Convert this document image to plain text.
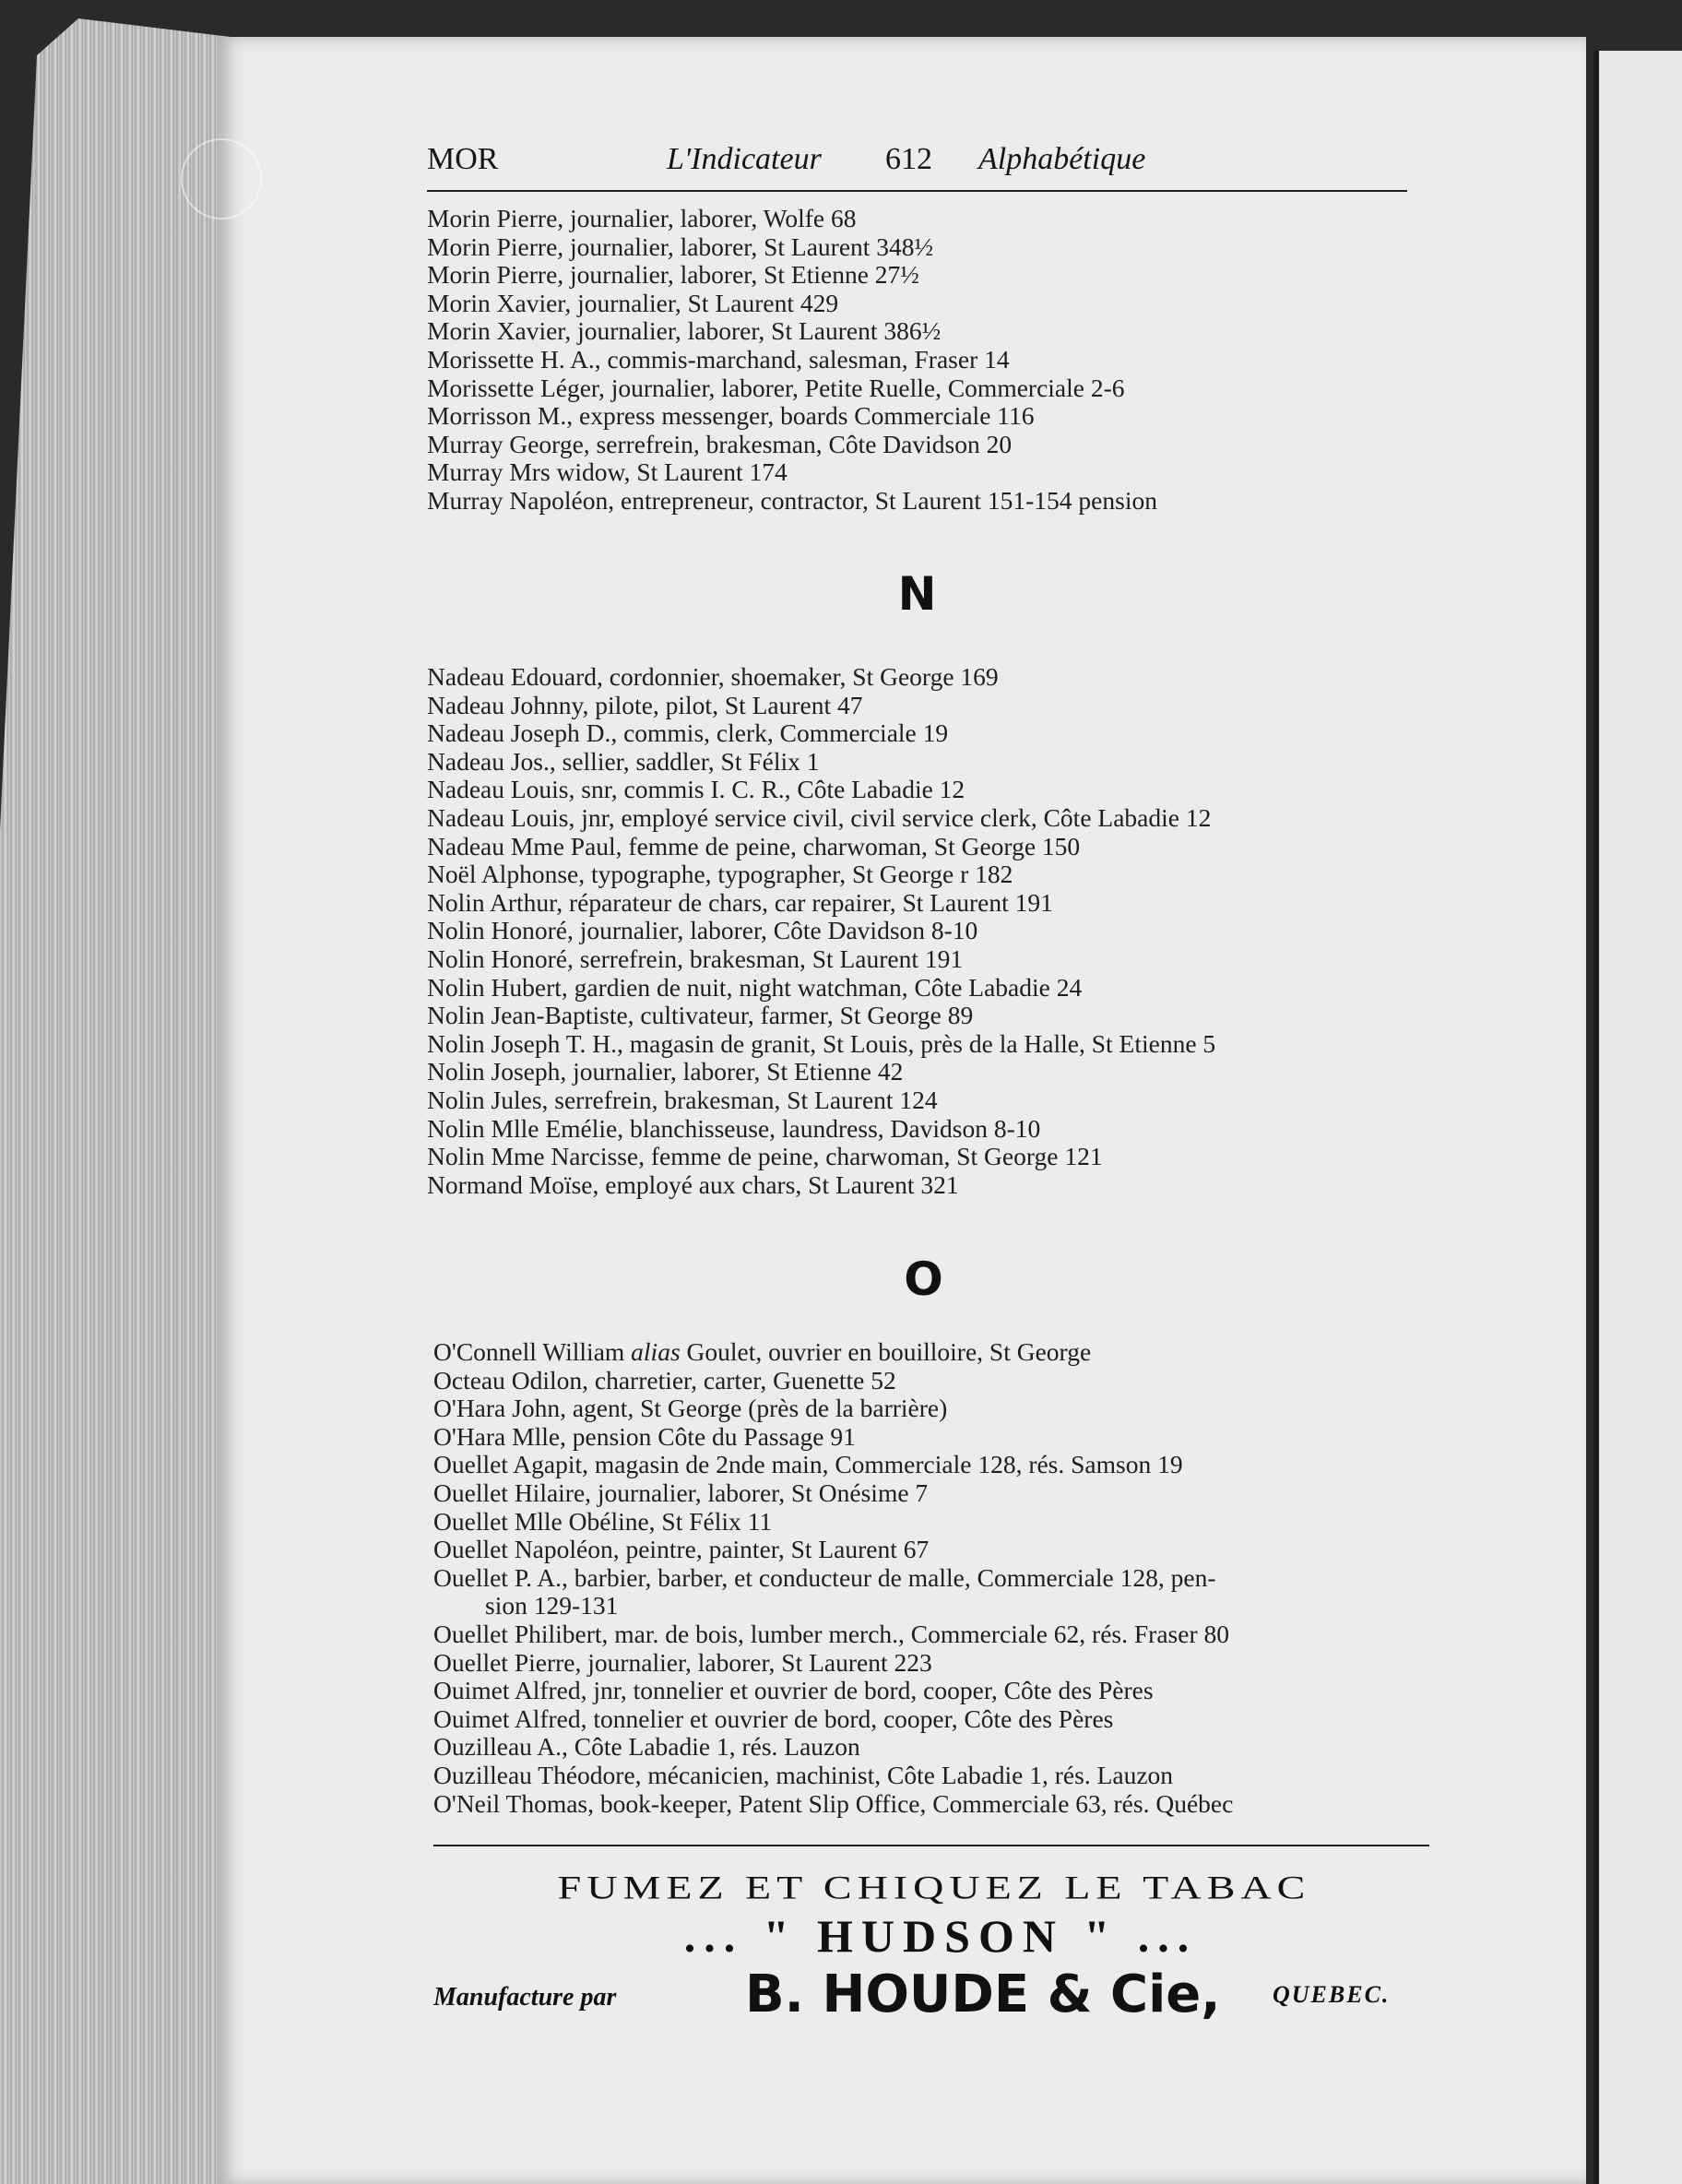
MOR	L'Indicateur 612 Alphabétique
Morin Pierre, journalier, laborer, Wolfe 68
Morin Pierre, journalier, laborer, St Laurent 348½
Morin Pierre, journalier, laborer, St Etienne 27½
Morin Xavier, journalier, St Laurent 429
Morin Xavier, journalier, laborer, St Laurent 386½
Morissette H. A., commis-marchand, salesman, Fraser 14
Morissette Léger, journalier, laborer, Petite Ruelle, Commerciale 2-6
Morrisson M., express messenger, boards Commerciale 116
Murray George, serrefrein, brakesman, Côte Davidson 20
Murray Mrs widow, St Laurent 174
Murray Napoléon, entrepreneur, contractor, St Laurent 151-154 pension
N
Nadeau Edouard, cordonnier, shoemaker, St George 169
Nadeau Johnny, pilote, pilot, St Laurent 47
Nadeau Joseph D., commis, clerk, Commerciale 19
Nadeau Jos., sellier, saddler, St Félix 1
Nadeau Louis, snr, commis I. C. R., Côte Labadie 12
Nadeau Louis, jnr, employé service civil, civil service clerk, Côte Labadie 12
Nadeau Mme Paul, femme de peine, charwoman, St George 150
Noël Alphonse, typographe, typographer, St George r 182
Nolin Arthur, réparateur de chars, car repairer, St Laurent 191
Nolin Honoré, journalier, laborer, Côte Davidson 8-10
Nolin Honoré, serrefrein, brakesman, St Laurent 191
Nolin Hubert, gardien de nuit, night watchman, Côte Labadie 24
Nolin Jean-Baptiste, cultivateur, farmer, St George 89
Nolin Joseph T. H., magasin de granit, St Louis, près de la Halle, St Etienne 5
Nolin Joseph, journalier, laborer, St Etienne 42
Nolin Jules, serrefrein, brakesman, St Laurent 124
Nolin Mlle Emélie, blanchisseuse, laundress, Davidson 8-10
Nolin Mme Narcisse, femme de peine, charwoman, St George 121
Normand Moïse, employé aux chars, St Laurent 321
O
O'Connell William alias Goulet, ouvrier en bouilloire, St George
Octeau Odilon, charretier, carter, Guenette 52
O'Hara John, agent, St George (près de la barrière)
O'Hara Mlle, pension Côte du Passage 91
Ouellet Agapit, magasin de 2nde main, Commerciale 128, rés. Samson 19
Ouellet Hilaire, journalier, laborer, St Onésime 7
Ouellet Mlle Obéline, St Félix 11
Ouellet Napoléon, peintre, painter, St Laurent 67
Ouellet P. A., barbier, barber, et conducteur de malle, Commerciale 128, pen-
sion 129-131
Ouellet Philibert, mar. de bois, lumber merch., Commerciale 62, rés. Fraser 80
Ouellet Pierre, journalier, laborer, St Laurent 223
Ouimet Alfred, jnr, tonnelier et ouvrier de bord, cooper, Côte des Pères
Ouimet Alfred, tonnelier et ouvrier de bord, cooper, Côte des Pères
Ouzilleau A., Côte Labadie 1, rés. Lauzon
Ouzilleau Théodore, mécanicien, machinist, Côte Labadie 1, rés. Lauzon
O'Neil Thomas, book-keeper, Patent Slip Office, Commerciale 63, rés. Québec
FUMEZ ET CHIQUEZ LE TABAC
... " HUDSON " ...
Manufacture par B. HOUDE & Cie, QUEBEC.
